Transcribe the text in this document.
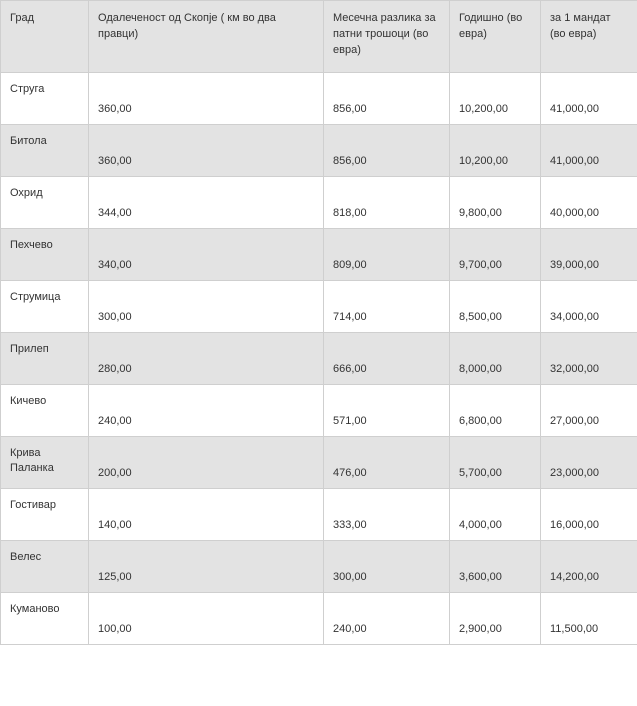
Град	Одалеченост од Скопје ( км во два правци)	Месечна разлика за патни трошоци (во евра)	Годишно (во евра)	за 1 мандат (во евра)
Струга	360,00	856,00	10,200,00	41,000,00
Битола	360,00	856,00	10,200,00	41,000,00
Охрид	344,00	818,00	9,800,00	40,000,00
Пехчево	340,00	809,00	9,700,00	39,000,00
Струмица	300,00	714,00	8,500,00	34,000,00
Прилеп	280,00	666,00	8,000,00	32,000,00
Кичево	240,00	571,00	6,800,00	27,000,00
Крива Паланка	200,00	476,00	5,700,00	23,000,00
Гостивар	140,00	333,00	4,000,00	16,000,00
Велес	125,00	300,00	3,600,00	14,200,00
Куманово	100,00	240,00	2,900,00	11,500,00
